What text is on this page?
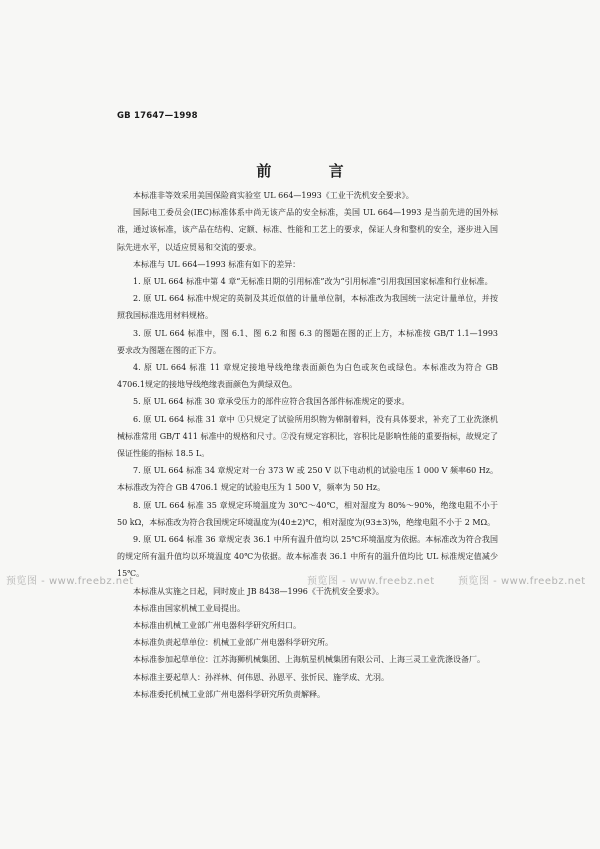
GB 17647—1998
前 言

本标准非等效采用美国保险商实验室 UL 664—1993《工业干洗机安全要求》。

国际电工委员会(IEC)标准体系中尚无该产品的安全标准，美国 UL 664—1993 是当前先进的国外标准，通过该标准，该产品在结构、定额、标准、性能和工艺上的要求，保证人身和整机的安全，逐步进入国际先进水平，以适应贸易和交流的要求。

本标准与 UL 664—1993 标准有如下的差异：

1. 原 UL 664 标准中第 4 章“无标准日期的引用标准”改为“引用标准”引用我国国家标准和行业标准。

2. 原 UL 664 标准中规定的英制及其近似值的计量单位制，本标准改为我国统一法定计量单位，并按照我国标准选用材料规格。

3. 原 UL 664 标准中，图 6.1、图 6.2 和图 6.3 的图题在图的正上方，本标准按 GB/T 1.1—1993 要求改为图题在图的正下方。

4. 原 UL 664 标准 11 章规定接地导线绝缘表面颜色为白色或灰色或绿色。本标准改为符合 GB 4706.1规定的接地导线绝缘表面颜色为黄绿双色。

5. 原 UL 664 标准 30 章承受压力的部件应符合我国各部件标准规定的要求。

6. 原 UL 664 标准 31 章中 ①只规定了试验所用织物为棉制着料，没有具体要求，补充了工业洗涤机械标准常用 GB/T 411 标准中的规格和尺寸。②没有规定容积比，容积比是影响性能的重要指标，故规定了保证性能的指标 18.5 L。

7. 原 UL 664 标准 34 章规定对一台 373 W 或 250 V 以下电动机的试验电压 1 000 V 频率60 Hz。本标准改为符合 GB 4706.1 规定的试验电压为 1 500 V，频率为 50 Hz。

8. 原 UL 664 标准 35 章规定环境温度为 30℃～40℃，相对湿度为 80%～90%，绝缘电阻不小于 50 kΩ，本标准改为符合我国规定环境温度为(40±2)℃，相对湿度为(93±3)%，绝缘电阻不小于 2 MΩ。

9. 原 UL 664 标准 36 章规定表 36.1 中所有温升值均以 25℃环境温度为依据。本标准改为符合我国的规定所有温升值均以环境温度 40℃为依据。故本标准表 36.1 中所有的温升值均比 UL 标准规定值减少 15℃。

本标准从实施之日起，同时废止 JB 8438—1996《干洗机安全要求》。

本标准由国家机械工业局提出。

本标准由机械工业部广州电器科学研究所归口。

本标准负责起草单位：机械工业部广州电器科学研究所。

本标准参加起草单位：江苏海狮机械集团、上海航星机械集团有限公司、上海三灵工业洗涤设备厂。

本标准主要起草人：孙祥林、何伟恩、孙恩平、张忻民、施学成、尤羽。

本标准委托机械工业部广州电器科学研究所负责解释。

预览图 - www.freebz.net	预览图 - www.freebz.net 预览图 - www.freebz.net
